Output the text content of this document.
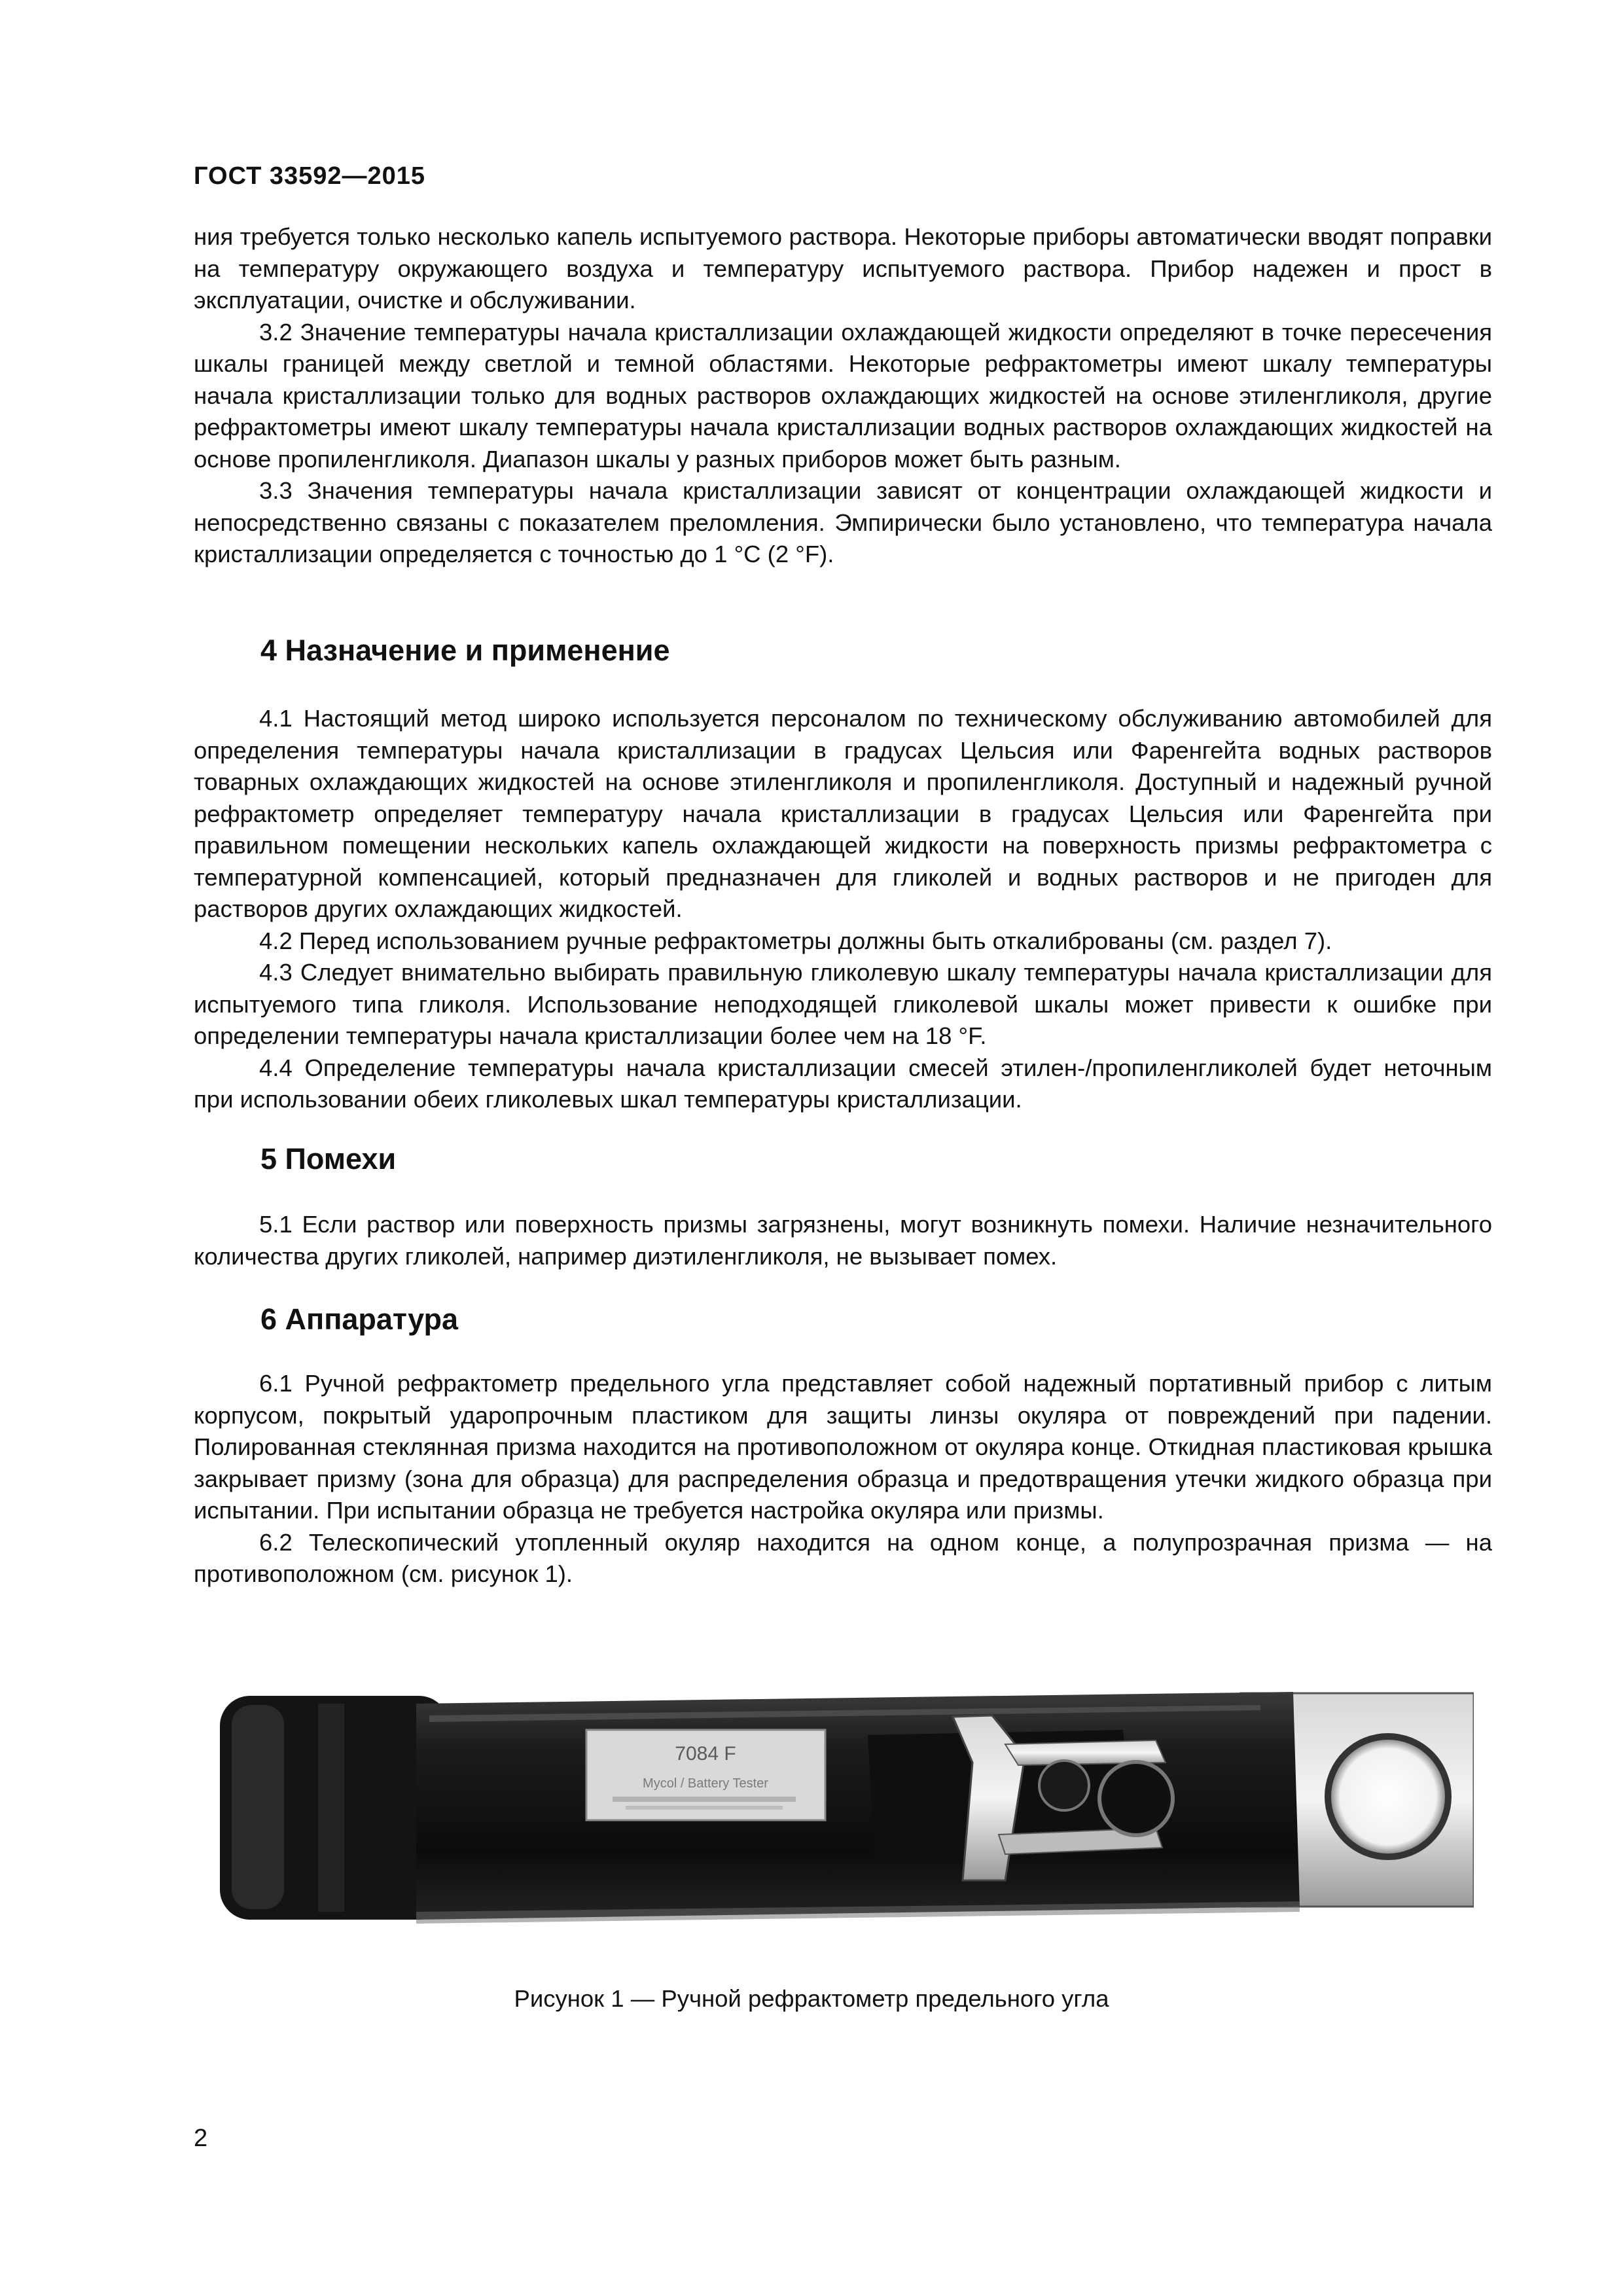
ГОСТ 33592—2015

ния требуется только несколько капель испытуемого раствора. Некоторые приборы автоматически вводят поправки на температуру окружающего воздуха и температуру испытуемого раствора. Прибор надежен и прост в эксплуатации, очистке и обслуживании.

3.2 Значение температуры начала кристаллизации охлаждающей жидкости определяют в точке пересечения шкалы границей между светлой и темной областями. Некоторые рефрактометры имеют шкалу температуры начала кристаллизации только для водных растворов охлаждающих жидкостей на основе этиленгликоля, другие рефрактометры имеют шкалу температуры начала кристаллизации водных растворов охлаждающих жидкостей на основе пропиленгликоля. Диапазон шкалы у разных приборов может быть разным.

3.3 Значения температуры начала кристаллизации зависят от концентрации охлаждающей жидкости и непосредственно связаны с показателем преломления. Эмпирически было установлено, что температура начала кристаллизации определяется с точностью до 1 °C (2 °F).

4 Назначение и применение

4.1 Настоящий метод широко используется персоналом по техническому обслуживанию автомобилей для определения температуры начала кристаллизации в градусах Цельсия или Фаренгейта водных растворов товарных охлаждающих жидкостей на основе этиленгликоля и пропиленгликоля. Доступный и надежный ручной рефрактометр определяет температуру начала кристаллизации в градусах Цельсия или Фаренгейта при правильном помещении нескольких капель охлаждающей жидкости на поверхность призмы рефрактометра с температурной компенсацией, который предназначен для гликолей и водных растворов и не пригоден для растворов других охлаждающих жидкостей.

4.2 Перед использованием ручные рефрактометры должны быть откалиброваны (см. раздел 7).

4.3 Следует внимательно выбирать правильную гликолевую шкалу температуры начала кристаллизации для испытуемого типа гликоля. Использование неподходящей гликолевой шкалы может привести к ошибке при определении температуры начала кристаллизации более чем на 18 °F.

4.4 Определение температуры начала кристаллизации смесей этилен-/пропиленгликолей будет неточным при использовании обеих гликолевых шкал температуры кристаллизации.

5 Помехи

5.1 Если раствор или поверхность призмы загрязнены, могут возникнуть помехи. Наличие незначительного количества других гликолей, например диэтиленгликоля, не вызывает помех.

6 Аппаратура

6.1 Ручной рефрактометр предельного угла представляет собой надежный портативный прибор с литым корпусом, покрытый ударопрочным пластиком для защиты линзы окуляра от повреждений при падении. Полированная стеклянная призма находится на противоположном от окуляра конце. Откидная пластиковая крышка закрывает призму (зона для образца) для распределения образца и предотвращения утечки жидкого образца при испытании. При испытании образца не требуется настройка окуляра или призмы.

6.2 Телескопический утопленный окуляр находится на одном конце, а полупрозрачная призма — на противоположном (см. рисунок 1).

7084 F
Mycol / Battery Tester
Рисунок 1 — Ручной рефрактометр предельного угла
2
